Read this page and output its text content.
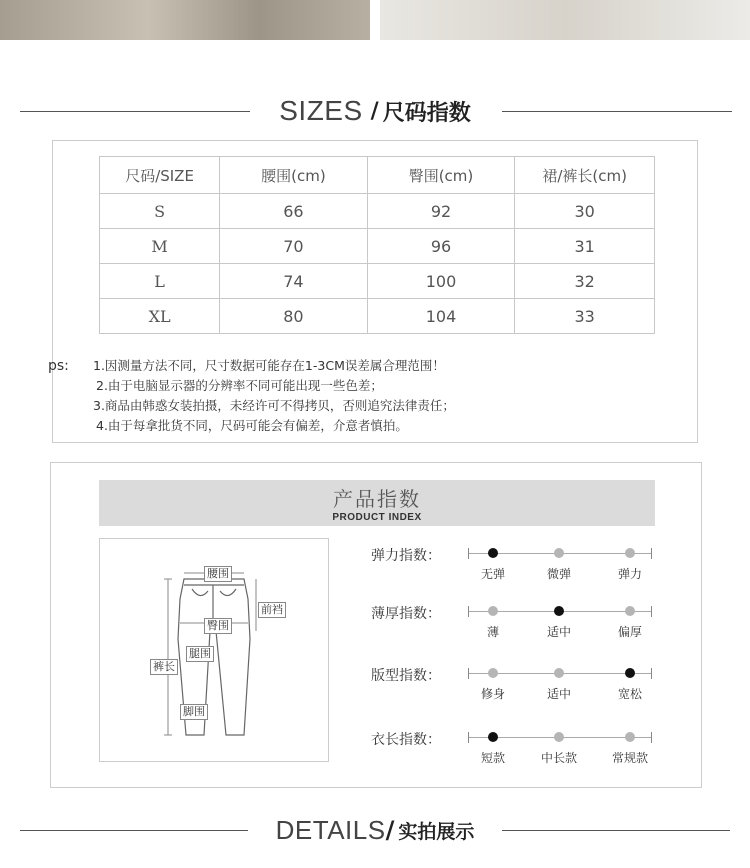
SIZES / 尺码指数
尺码/SIZE	腰围(cm)	臀围(cm)	裙/裤长(cm)
S	66	92	30
M	70	96	31
L	74	100	32
XL	80	104	33
ps: 1.因测量方法不同，尺寸数据可能存在1-3CM误差属合理范围！

2.由于电脑显示器的分辨率不同可能出现一些色差；

3.商品由韩惑女装拍摄，未经许可不得拷贝，否则追究法律责任；

4.由于每拿批货不同，尺码可能会有偏差，介意者慎拍。

产品指数
PRODUCT INDEX
腰围
前裆
臀围
腿围
裤长
脚围
弹力指数：
无弹	微弹	弹力
薄厚指数：
薄	适中	偏厚
版型指数：
修身	适中	宽松
衣长指数：
短款	中长款	常规款
DETAILS / 实拍展示
